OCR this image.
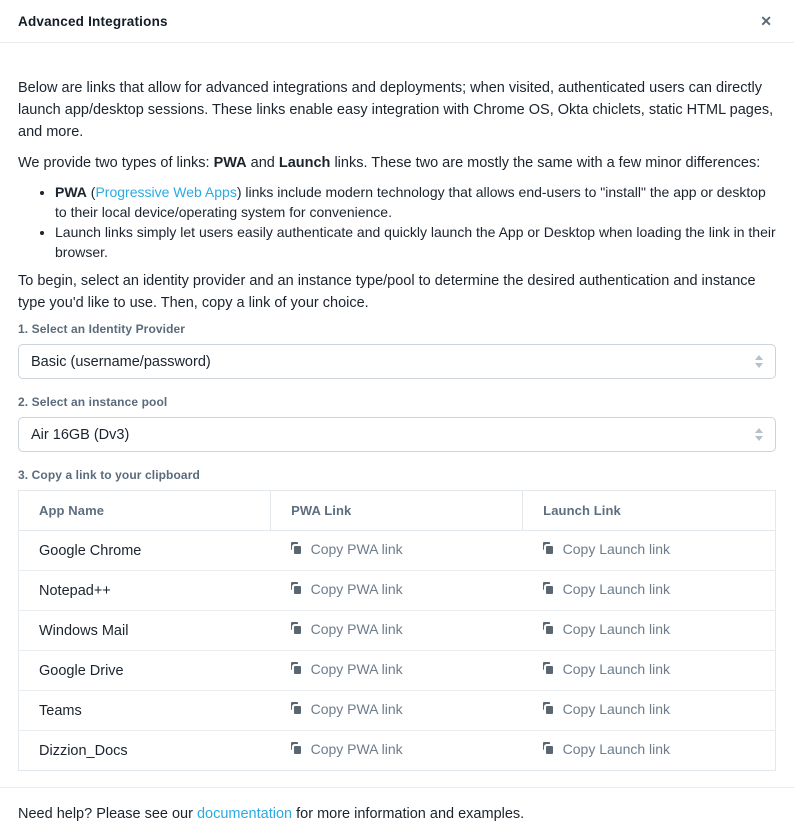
Advanced Integrations	✕

Below are links that allow for advanced integrations and deployments; when visited, authenticated users can directly launch app/desktop sessions. These links enable easy integration with Chrome OS, Okta chiclets, static HTML pages, and more.

We provide two types of links: PWA and Launch links. These two are mostly the same with a few minor differences:

• PWA (Progressive Web Apps) links include modern technology that allows end-users to "install" the app or desktop to their local device/operating system for convenience.
• Launch links simply let users easily authenticate and quickly launch the App or Desktop when loading the link in their browser.

To begin, select an identity provider and an instance type/pool to determine the desired authentication and instance type you'd like to use. Then, copy a link of your choice.

1. Select an Identity Provider

Basic (username/password)

2. Select an instance pool

Air 16GB (Dv3)

3. Copy a link to your clipboard

App Name	PWA Link	Launch Link
Google Chrome	Copy PWA link	Copy Launch link

Notepad++	Copy PWA link	Copy Launch link

Windows Mail	Copy PWA link	Copy Launch link

Google Drive	Copy PWA link	Copy Launch link

Teams	Copy PWA link	Copy Launch link

Dizzion_Docs	Copy PWA link	Copy Launch link
Need help? Please see our documentation for more information and examples.
